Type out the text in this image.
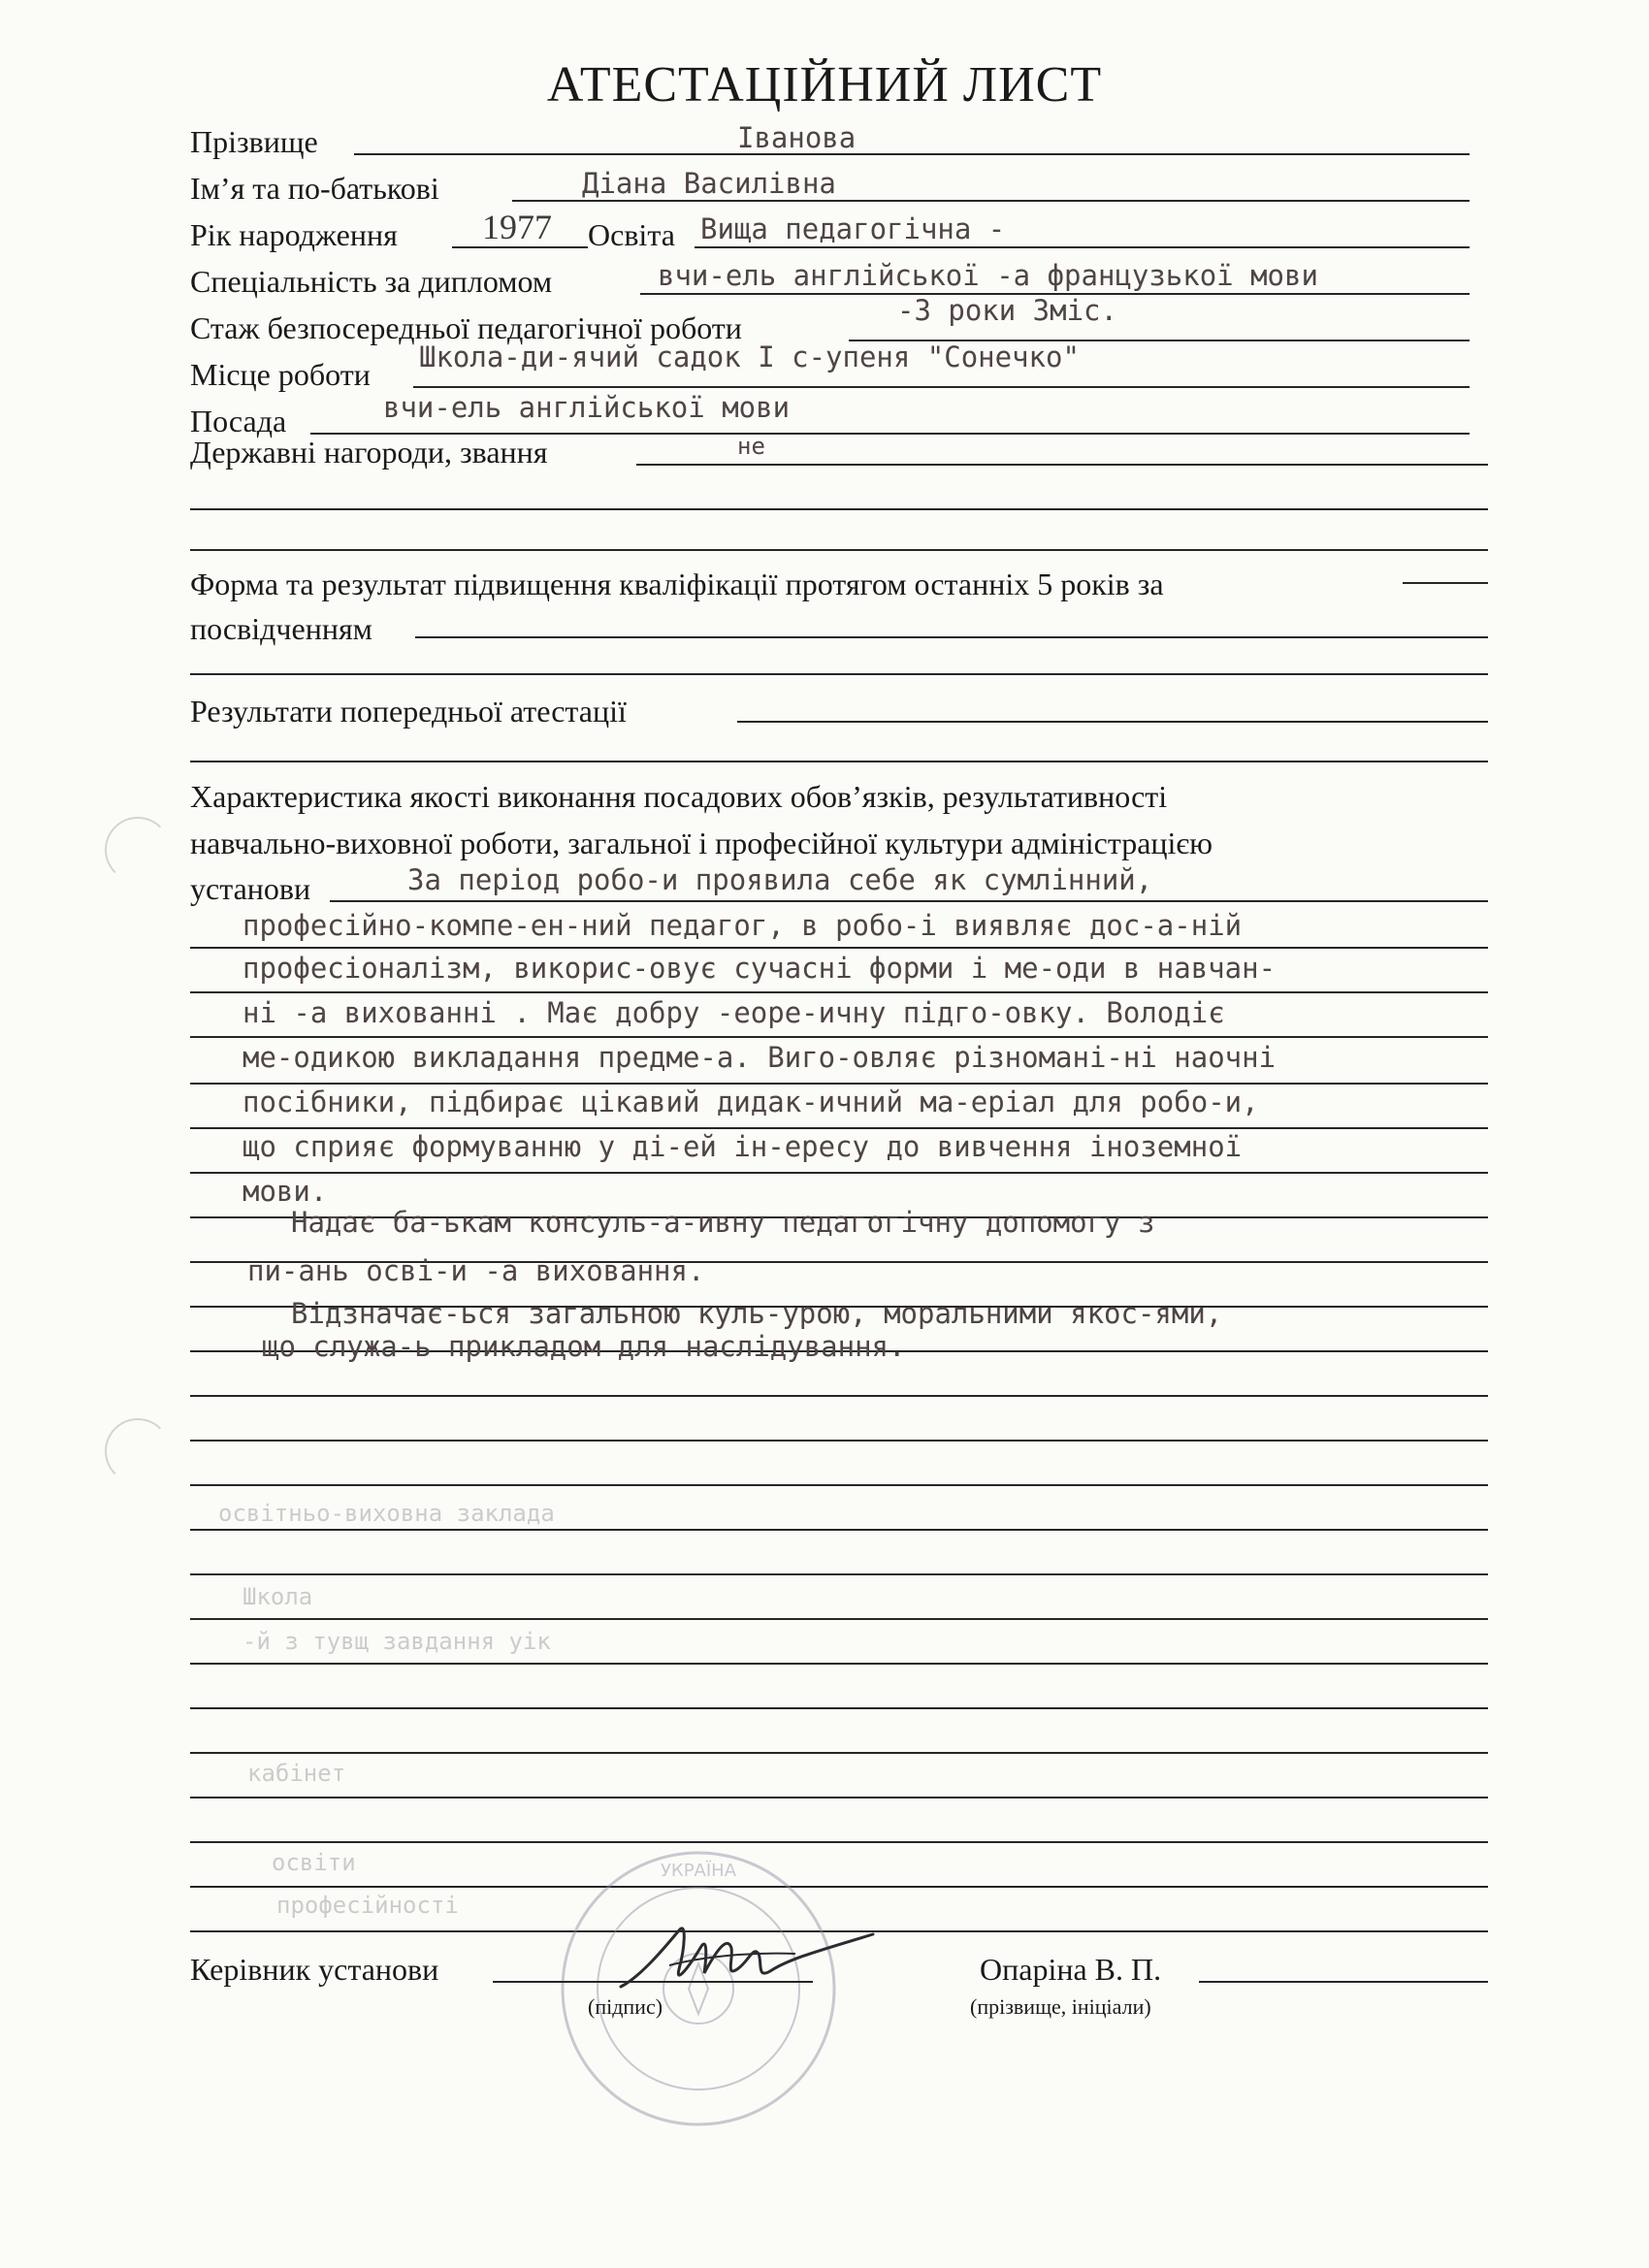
АТЕСТАЦІЙНИЙ ЛИСТ
Прізвище	Іванова
Ім’я та по-батькові	Діана Василівна
Рік народження 1977 Освіта Вища педагогічна -
Спеціальність за дипломом	вчи-ель англійської -а французької мови
Стаж безпосередньої педагогічної роботи	-3 роки 3міс.
Місце роботи Школа-ди-ячий садок І с-упеня "Сонечко"
Посада	вчи-ель англійської мови
Державні нагороди, звання	не
Форма та результат підвищення кваліфікації протягом останніх 5 років за
посвідченням
Результати попередньої атестації
Характеристика якості виконання посадових обов’язків, результативності
навчально-виховної роботи, загальної і професійної культури адміністрацією
установи
освітньо-виховна заклада
Школа
-й з тувщ завдання уік
кабінет
освіти
професійності
За період робо-и проявила себе як сумлінний,
професійно-компе-ен-ний педагог, в робо-і виявляє дос-а-ній
професіоналізм, викорис-овує сучасні форми і ме-оди в навчан-
ні -а вихованні . Має добру -еоре-ичну підго-овку. Володіє
ме-одикою викладання предме-а. Виго-овляє різномані-ні наочні
посібники, підбирає цікавий дидак-ичний ма-еріал для робо-и,
що сприяє формуванню у ді-ей ін-ересу до вивчення іноземної
мови.
Надає ба-ькам консуль-а-ивну педагогічну допомогу з
пи-ань освi-и -а виховання.
Відзначає-ься загальною куль-урою, моральними якос-ями,
що служа-ь прикладом для наслідування.
УКРАЇНА
Керівник установи
(підпис)
Опаріна В. П.
(прізвище, ініціали)
